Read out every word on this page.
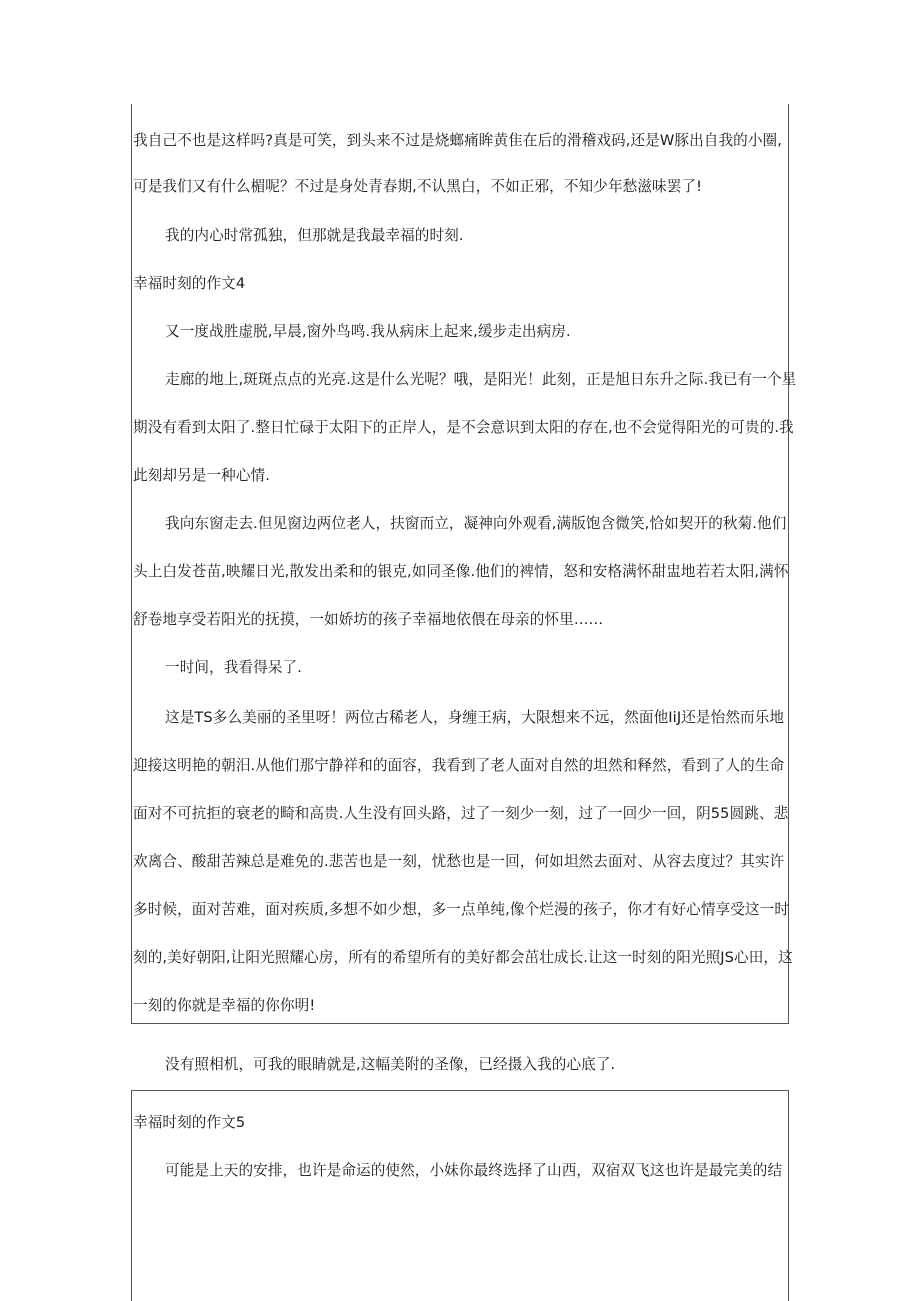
我自己不也是这样吗?真是可笑，到头来不过是烧螂痛眸黄隹在后的滑稽戏码,还是W豚出自我的小圈,
可是我们又有什么楣呢？不过是身处青春期,不认黑白，不如正邪，不知少年愁滋味罢了!
我的内心时常孤独，但那就是我最幸福的时刻.
幸福时刻的作文4
又一度战胜虚脱,早晨,窗外鸟鸣.我从病床上起来,缓步走出病房.
走廊的地上,斑斑点点的光亮.这是什么光呢？哦，是阳光！此刻，正是旭日东升之际.我已有一个星
期没有看到太阳了.整日忙碌于太阳下的正岸人，是不会意识到太阳的存在,也不会觉得阳光的可贵的.我
此刻却另是一种心情.
我向东窗走去.但见窗边两位老人，扶窗而立，凝神向外观看,满版饱含微笑,恰如契开的秋菊.他们
头上白发苍苗,映耀日光,散发出柔和的银克,如同圣像.他们的裨情，怒和安格满怀甜盅地若若太阳,满怀
舒卷地享受若阳光的抚摸，一如娇坊的孩子幸福地依偎在母亲的怀里……
一时间，我看得呆了.
这是TS多么美丽的圣里呀！两位古稀老人，身缠王病，大限想来不远，然面他IiJ还是怡然而乐地
迎接这明艳的朝汨.从他们那宁静祥和的面容，我看到了老人面对自然的坦然和释然，看到了人的生命
面对不可抗拒的衰老的畸和高贵.人生没有回头路，过了一刻少一刻，过了一回少一回，阴55圆跳、悲
欢离合、酸甜苦辣总是难免的.悲苦也是一刻，忧愁也是一回，何如坦然去面对、从容去度过？其实许
多时候，面对苦难，面对疾质,多想不如少想，多一点单纯,像个烂漫的孩子，你才有好心情享受这一时
刻的,美好朝阳,让阳光照耀心房，所有的希望所有的美好都会茁壮成长.让这一时刻的阳光照JS心田，这
一刻的你就是幸福的你你明!
没有照相机，可我的眼睛就是,这幅美附的圣像，已经摄入我的心底了.
幸福时刻的作文5
可能是上天的安排，也许是命运的使然，小妹你最终选择了山西，双宿双飞这也许是最完美的结
